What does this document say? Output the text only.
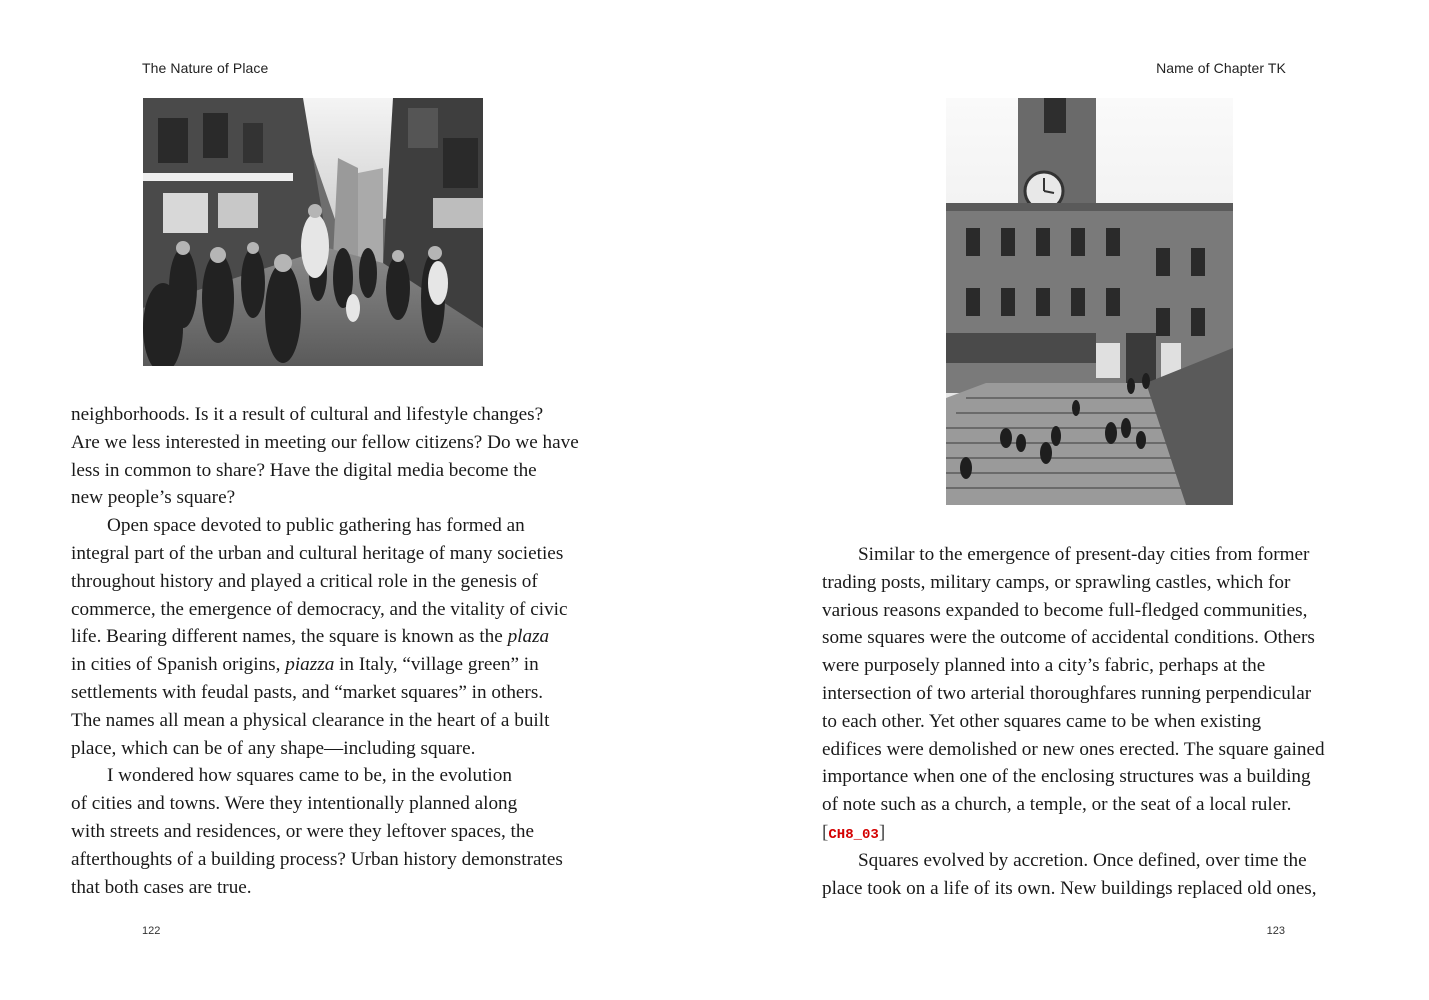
The Nature of Place
neighborhoods. Is it a result of cultural and lifestyle changes?
Are we less interested in meeting our fellow citizens? Do we have
less in common to share? Have the digital media become the
new people’s square?
Open space devoted to public gathering has formed an
integral part of the urban and cultural heritage of many societies
throughout history and played a critical role in the genesis of
commerce, the emergence of democracy, and the vitality of civic
life. Bearing different names, the square is known as the plaza
in cities of Spanish origins, piazza in Italy, “village green” in
settlements with feudal pasts, and “market squares” in others.
The names all mean a physical clearance in the heart of a built
place, which can be of any shape—including square.
I wondered how squares came to be, in the evolution
of cities and towns. Were they intentionally planned along
with streets and residences, or were they leftover spaces, the
afterthoughts of a building process? Urban history demonstrates
that both cases are true.
122
Name of Chapter TK
Similar to the emergence of present-day cities from former
trading posts, military camps, or sprawling castles, which for
various reasons expanded to become full-fledged communities,
some squares were the outcome of accidental conditions. Others
were purposely planned into a city’s fabric, perhaps at the
intersection of two arterial thoroughfares running perpendicular
to each other. Yet other squares came to be when existing
edifices were demolished or new ones erected. The square gained
importance when one of the enclosing structures was a building
of note such as a church, a temple, or the seat of a local ruler.
[CH8_03]
Squares evolved by accretion. Once defined, over time the
place took on a life of its own. New buildings replaced old ones,
123
